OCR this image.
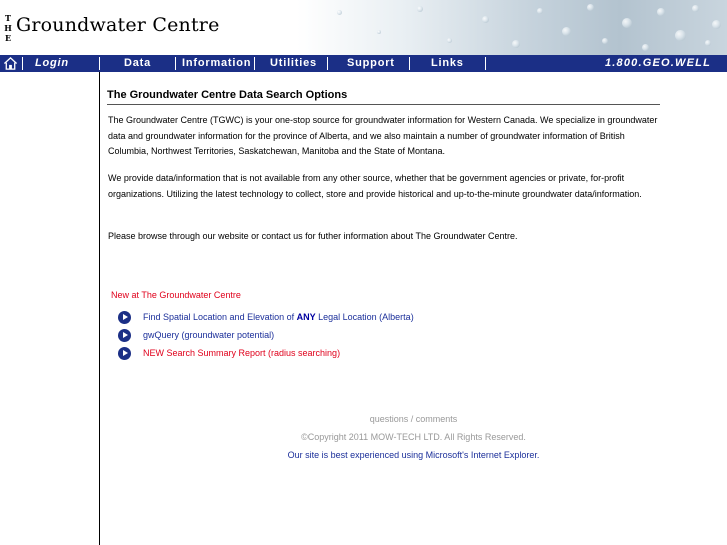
T
H
E
Groundwater Centre
Login	Data	Information Utilities	Support	Links	1.800.GEO.WELL
The Groundwater Centre Data Search Options
The Groundwater Centre (TGWC) is your one-stop source for groundwater information for Western Canada. We specialize in groundwater data and groundwater information for the province of Alberta, and we also maintain a number of groundwater information of British Columbia, Northwest Territories, Saskatchewan, Manitoba and the State of Montana.
We provide data/information that is not available from any other source, whether that be government agencies or private, for-profit organizations. Utilizing the latest technology to collect, store and provide historical and up-to-the-minute groundwater data/information.
Please browse through our website or contact us for futher information about The Groundwater Centre.
New at The Groundwater Centre
Find Spatial Location and Elevation of ANY Legal Location (Alberta)
gwQuery (groundwater potential)
NEW Search Summary Report (radius searching)
questions / comments
©Copyright 2011 MOW-TECH LTD. All Rights Reserved.
Our site is best experienced using Microsoft's Internet Explorer.
